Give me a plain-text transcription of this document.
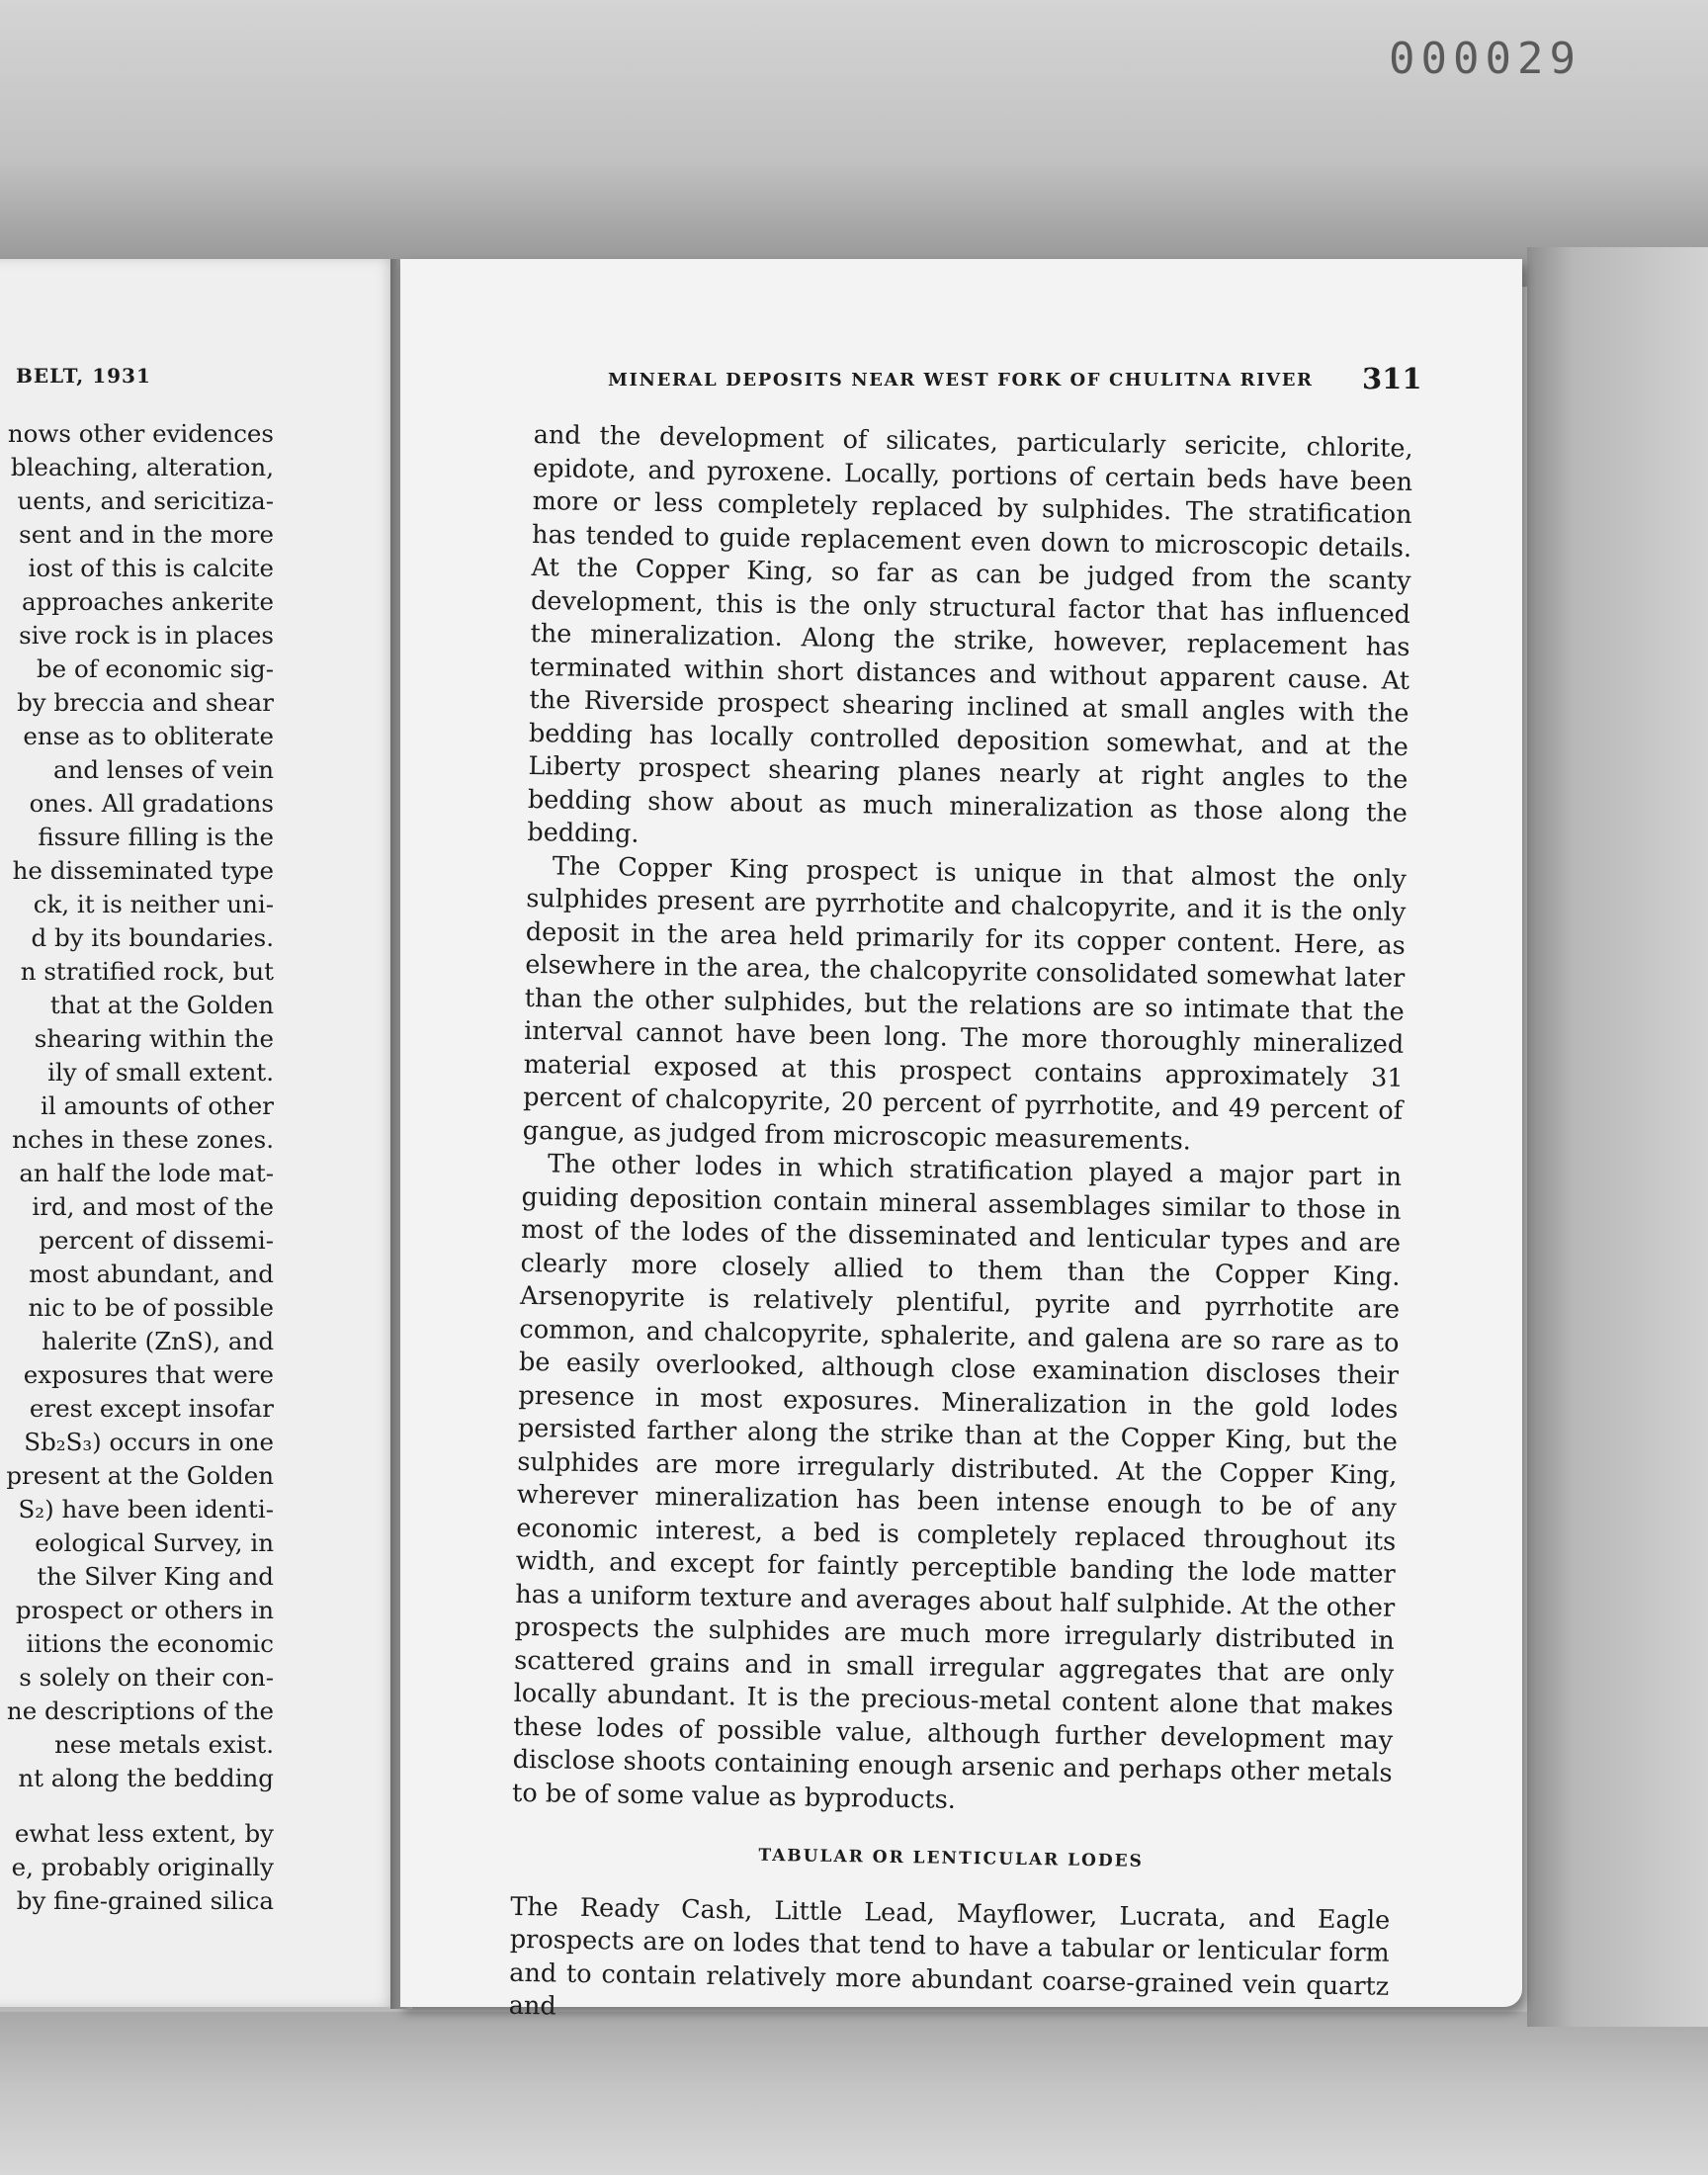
000029
BELT, 1931
nows other evidences
bleaching, alteration,
uents, and sericitiza-
sent and in the more
iost of this is calcite
approaches ankerite
sive rock is in places
be of economic sig-
by breccia and shear
ense as to obliterate
and lenses of vein
ones. All gradations
fissure filling is the
he disseminated type
ck, it is neither uni-
d by its boundaries.
n stratified rock, but
that at the Golden
shearing within the
ily of small extent.
il amounts of other
nches in these zones.
an half the lode mat-
ird, and most of the
percent of dissemi-
most abundant, and
nic to be of possible
halerite (ZnS), and
exposures that were
erest except insofar
Sb₂S₃) occurs in one
present at the Golden
S₂) have been identi-
eological Survey, in
the Silver King and
prospect or others in
iitions the economic
s solely on their con-
ne descriptions of the
nese metals exist.
nt along the bedding
ewhat less extent, by
e, probably originally
by fine-grained silica
MINERAL DEPOSITS NEAR WEST FORK OF CHULITNA RIVER 311

and the development of silicates, particularly sericite, chlorite, epidote, and pyroxene. Locally, portions of certain beds have been more or less completely replaced by sulphides. The stratification has tended to guide replacement even down to microscopic details. At the Copper King, so far as can be judged from the scanty development, this is the only structural factor that has influenced the mineralization. Along the strike, however, replacement has terminated within short distances and without apparent cause. At the Riverside prospect shearing inclined at small angles with the bedding has locally controlled deposition somewhat, and at the Liberty prospect shearing planes nearly at right angles to the bedding show about as much mineralization as those along the bedding.

The Copper King prospect is unique in that almost the only sulphides present are pyrrhotite and chalcopyrite, and it is the only deposit in the area held primarily for its copper content. Here, as elsewhere in the area, the chalcopyrite consolidated somewhat later than the other sulphides, but the relations are so intimate that the interval cannot have been long. The more thoroughly mineralized material exposed at this prospect contains approximately 31 percent of chalcopyrite, 20 percent of pyrrhotite, and 49 percent of gangue, as judged from microscopic measurements.

The other lodes in which stratification played a major part in guiding deposition contain mineral assemblages similar to those in most of the lodes of the disseminated and lenticular types and are clearly more closely allied to them than the Copper King. Arsenopyrite is relatively plentiful, pyrite and pyrrhotite are common, and chalcopyrite, sphalerite, and galena are so rare as to be easily overlooked, although close examination discloses their presence in most exposures. Mineralization in the gold lodes persisted farther along the strike than at the Copper King, but the sulphides are more irregularly distributed. At the Copper King, wherever mineralization has been intense enough to be of any economic interest, a bed is completely replaced throughout its width, and except for faintly perceptible banding the lode matter has a uniform texture and averages about half sulphide. At the other prospects the sulphides are much more irregularly distributed in scattered grains and in small irregular aggregates that are only locally abundant. It is the precious-metal content alone that makes these lodes of possible value, although further development may disclose shoots containing enough arsenic and perhaps other metals to be of some value as byproducts.

TABULAR OR LENTICULAR LODES

The Ready Cash, Little Lead, Mayflower, Lucrata, and Eagle prospects are on lodes that tend to have a tabular or lenticular form and to contain relatively more abundant coarse-grained vein quartz and
